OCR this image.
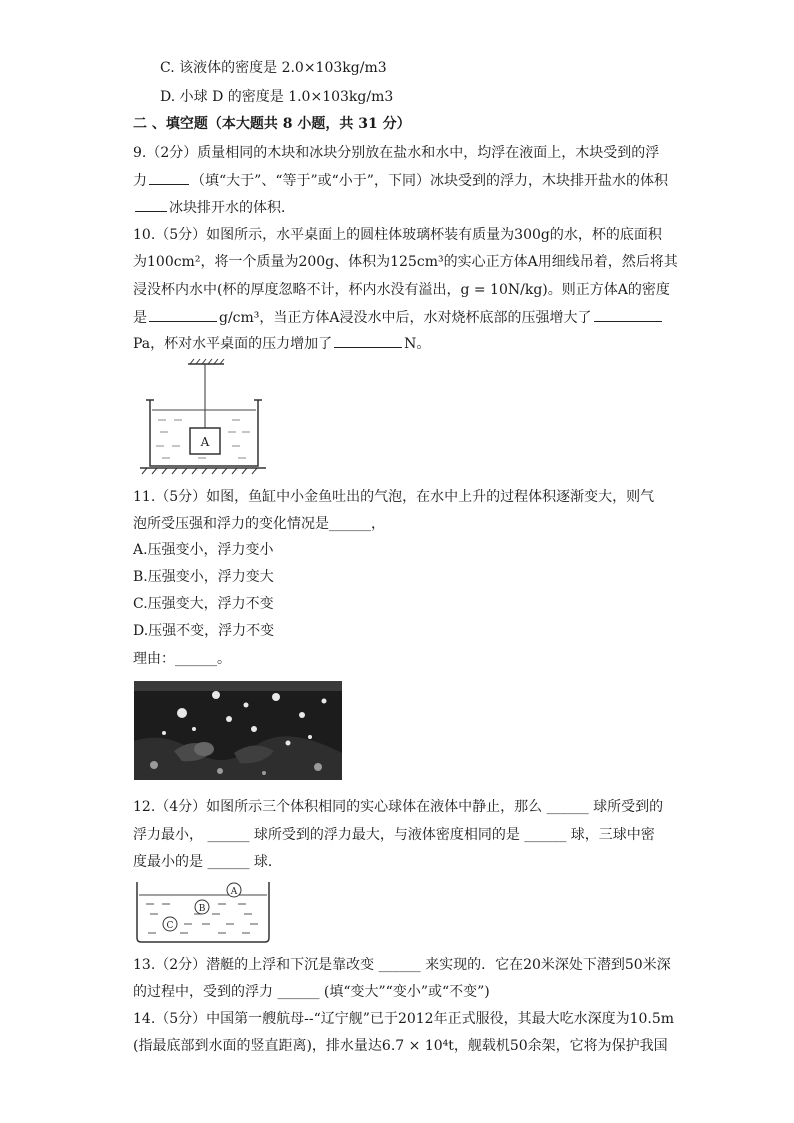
C. 该液体的密度是 2.0×103kg/m3
D. 小球 D 的密度是 1.0×103kg/m3
二 、填空题（本大题共 8 小题，共 31 分）
9.（2分）质量相同的木块和冰块分别放在盐水和水中，均浮在液面上，木块受到的浮
力	（填“大于”、“等于”或“小于”，下同）冰块受到的浮力，木块排开盐水的体积
冰块排开水的体积．
10.（5分）如图所示，水平桌面上的圆柱体玻璃杯装有质量为300g的水，杯的底面积
为100cm²，将一个质量为200g、体积为125cm³的实心正方体A用细线吊着，然后将其
浸没杯内水中(杯的厚度忽略不计，杯内水没有溢出，g = 10N/kg)。则正方体A的密度
是	g/cm³，当正方体A浸没水中后，水对烧杯底部的压强增大了
Pa，杯对水平桌面的压力增加了	N。
A
11.（5分）如图，鱼缸中小金鱼吐出的气泡，在水中上升的过程体积逐渐变大，则气
泡所受压强和浮力的变化情况是______，
A.压强变小，浮力变小
B.压强变小，浮力变大
C.压强变大，浮力不变
D.压强不变，浮力不变
理由：______。
12.（4分）如图所示三个体积相同的实心球体在液体中静止，那么 ______ 球所受到的
浮力最小， ______ 球所受到的浮力最大，与液体密度相同的是 ______ 球，三球中密
度最小的是 ______ 球．
A
B
C
13.（2分）潜艇的上浮和下沉是靠改变 ______ 来实现的．它在20米深处下潜到50米深
的过程中，受到的浮力 ______ (填“变大”“变小”或“不变”)
14.（5分）中国第一艘航母--“辽宁舰”已于2012年正式服役，其最大吃水深度为10.5m
(指最底部到水面的竖直距离)，排水量达6.7 × 10⁴t，舰载机50余架，它将为保护我国
